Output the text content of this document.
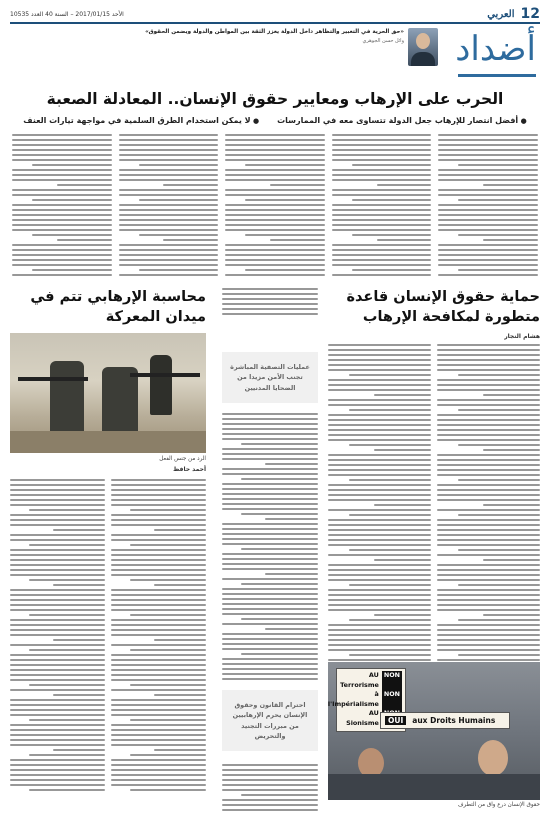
12
العربي
الأحد 2017/01/15 – السنة 40 العدد 10535
أضداد
«حق الحرية في التعبير والتظاهر داخل الدولة يعزز الثقة بين المواطن والدولة ويضمن الحقوق»
وائل حسن الجوهري
الحرب على الإرهاب ومعايير حقوق الإنسان.. المعادلة الصعبة
● أفضل انتصار للإرهاب جعل الدولة تتساوى معه في الممارسات
● لا يمكن استخدام الطرق السلمية في مواجهة تيارات العنف
حماية حقوق الإنسان قاعدة متطورة لمكافحة الإرهاب
هشام النجار
عمليات التصفية المباشرة تجنب الأمن مزيدا من الضحايا المدنيين
محاسبة الإرهابي تتم في ميدان المعركة
الرد من جنس الفعل
أحمد حافظ
احترام القانون وحقوق الإنسان يحرم الإرهابيين من مبررات التجنيد والتحريض
NON
AU Terrorisme
NON
à l'Impérialisme
AU Sionisme	OUI	aux Droits Humains
حقوق الإنسان درع واق من التطرف
